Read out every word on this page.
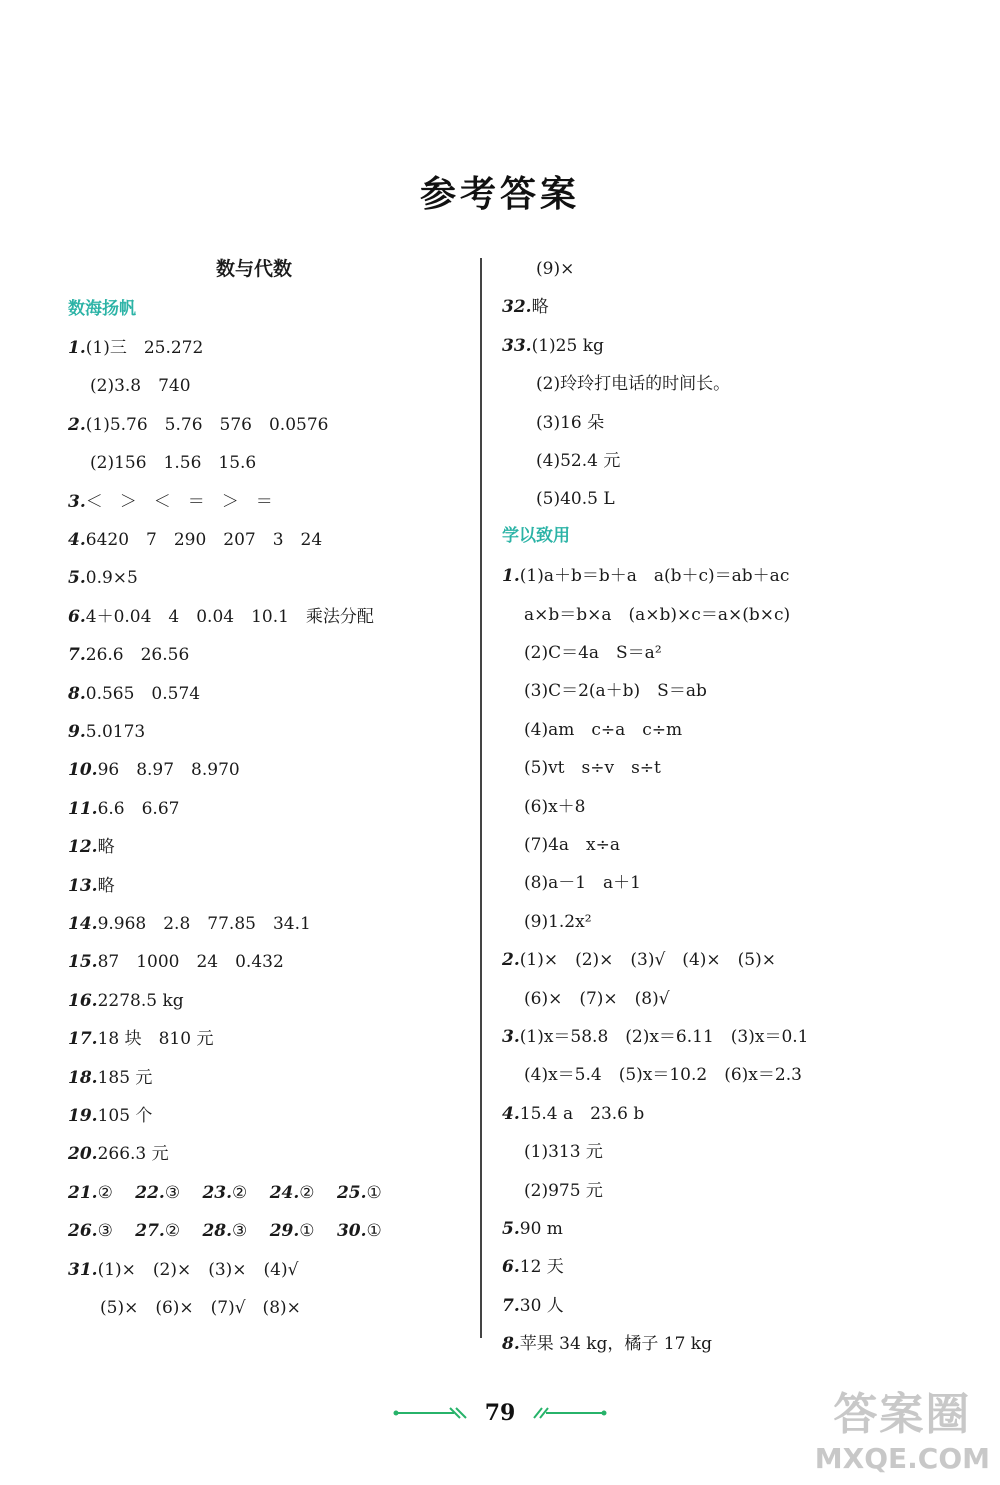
参考答案
数与代数
数海扬帆
1.(1)三　25.272
(2)3.8　740
2.(1)5.76　5.76　576　0.0576
(2)156　1.56　15.6
3.＜　＞　＜　＝　＞　＝
4.6420　7　290　207　3　24
5.0.9×5
6.4＋0.04　4　0.04　10.1　乘法分配
7.26.6　26.56
8.0.565　0.574
9.5.0173
10.96　8.97　8.970
11.6.6　6.67
12.略
13.略
14.9.968　2.8　77.85　34.1
15.87　1000　24　0.432
16.2278.5 kg
17.18 块　810 元
18.185 元
19.105 个
20.266.3 元
21.②　 22.③　 23.②　 24.②　 25.①
26.③　 27.②　 28.③　 29.①　 30.①
31.(1)×　(2)×　(3)×　(4)√
(5)×　(6)×　(7)√　(8)×
(9)×
32.略
33.(1)25 kg
(2)玲玲打电话的时间长。
(3)16 朵
(4)52.4 元
(5)40.5 L
学以致用
1.(1)a＋b＝b＋a　a(b＋c)＝ab＋ac
a×b＝b×a　(a×b)×c＝a×(b×c)
(2)C＝4a　S＝a²
(3)C＝2(a＋b)　S＝ab
(4)am　c÷a　c÷m
(5)vt　s÷v　s÷t
(6)x＋8
(7)4a　x÷a
(8)a－1　a＋1
(9)1.2x²
2.(1)×　(2)×　(3)√　(4)×　(5)×
(6)×　(7)×　(8)√
3.(1)x＝58.8　(2)x＝6.11　(3)x＝0.1
(4)x＝5.4　(5)x＝10.2　(6)x＝2.3
4.15.4 a　23.6 b
(1)313 元
(2)975 元
5.90 m
6.12 天
7.30 人
8.苹果 34 kg，橘子 17 kg
79	答案圈
MXQE.COM
